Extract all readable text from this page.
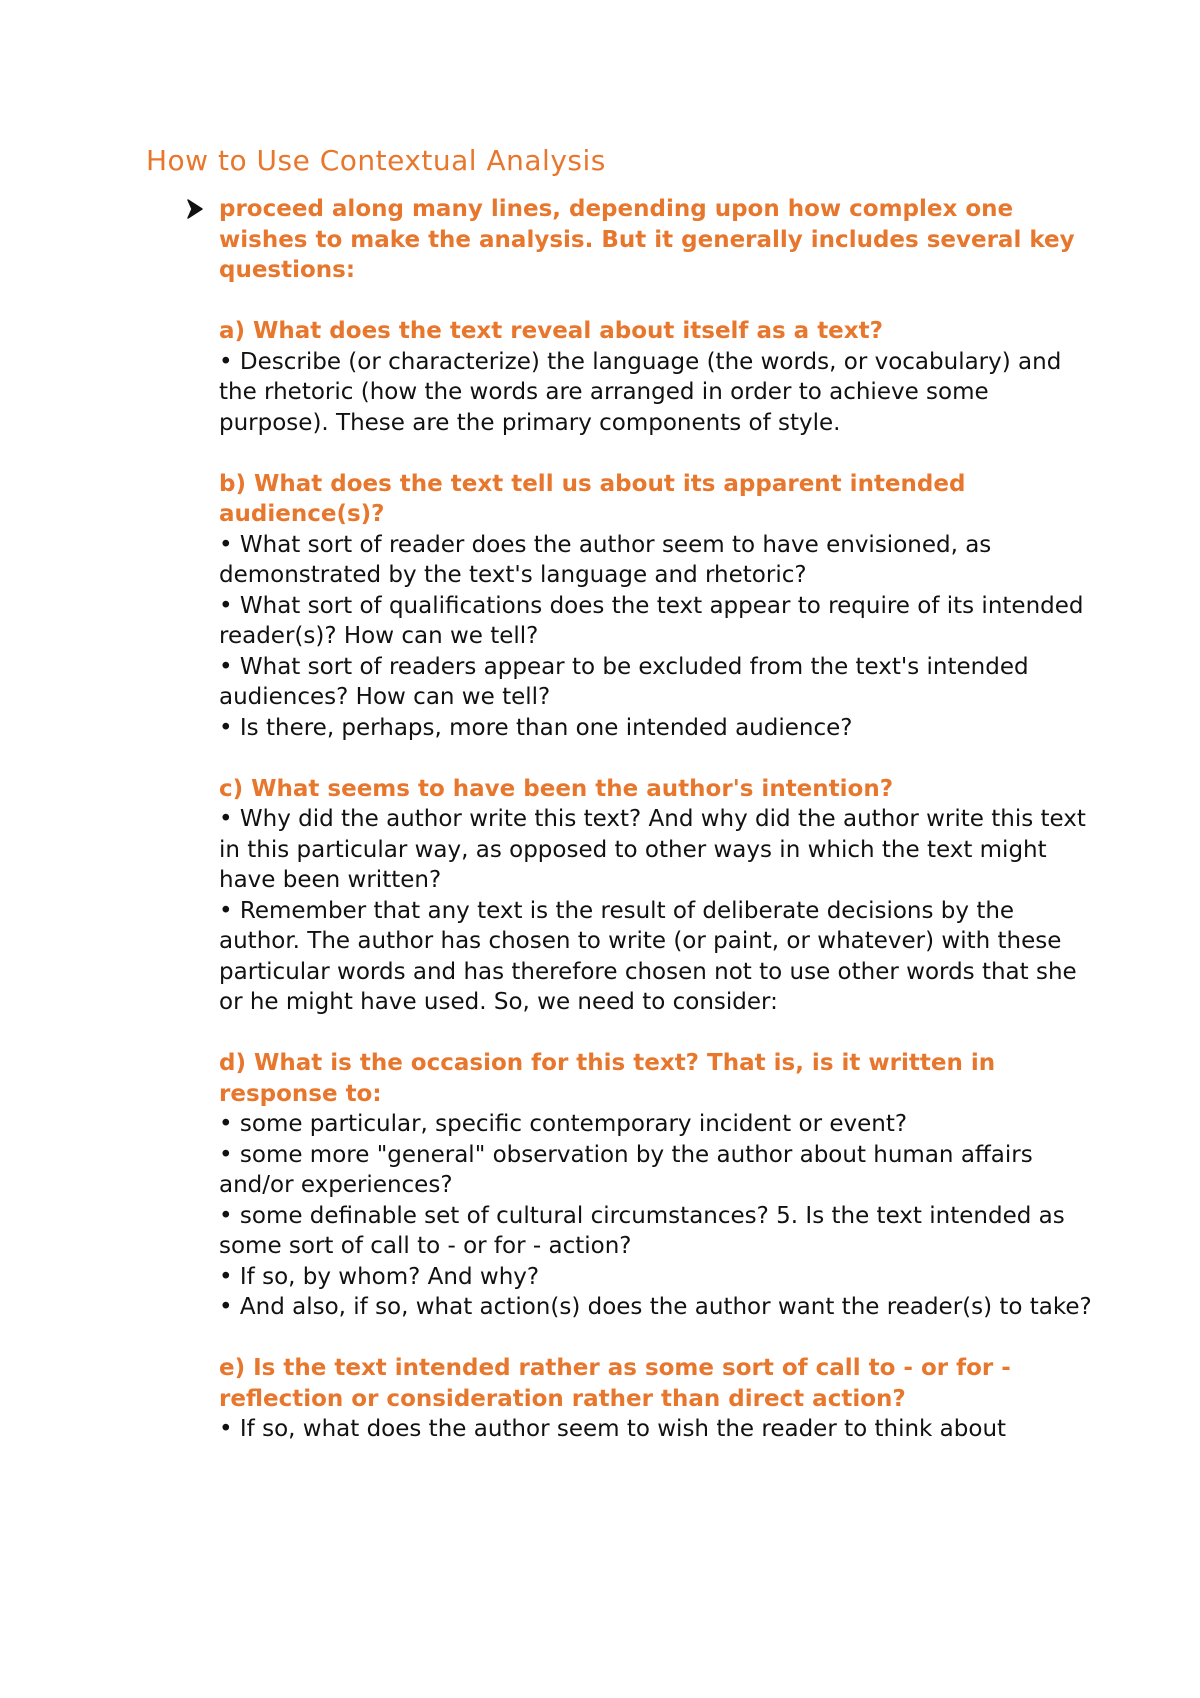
How to Use Contextual Analysis

proceed along many lines, depending upon how complex one wishes to make the analysis. But it generally includes several key questions:

a) What does the text reveal about itself as a text?

• Describe (or characterize) the language (the words, or vocabulary) and the rhetoric (how the words are arranged in order to achieve some purpose). These are the primary components of style.

b) What does the text tell us about its apparent intended audience(s)?

• What sort of reader does the author seem to have envisioned, as demonstrated by the text's language and rhetoric?
• What sort of qualifications does the text appear to require of its intended reader(s)? How can we tell?
• What sort of readers appear to be excluded from the text's intended audiences? How can we tell?
• Is there, perhaps, more than one intended audience?

c) What seems to have been the author's intention?

• Why did the author write this text? And why did the author write this text in this particular way, as opposed to other ways in which the text might have been written?
• Remember that any text is the result of deliberate decisions by the author. The author has chosen to write (or paint, or whatever) with these particular words and has therefore chosen not to use other words that she or he might have used. So, we need to consider:

d) What is the occasion for this text? That is, is it written in response to:

• some particular, specific contemporary incident or event?
• some more "general" observation by the author about human affairs and/or experiences?
• some definable set of cultural circumstances? 5. Is the text intended as some sort of call to - or for - action?
• If so, by whom? And why?
• And also, if so, what action(s) does the author want the reader(s) to take?

e) Is the text intended rather as some sort of call to - or for - reflection or consideration rather than direct action?

• If so, what does the author seem to wish the reader to think about
